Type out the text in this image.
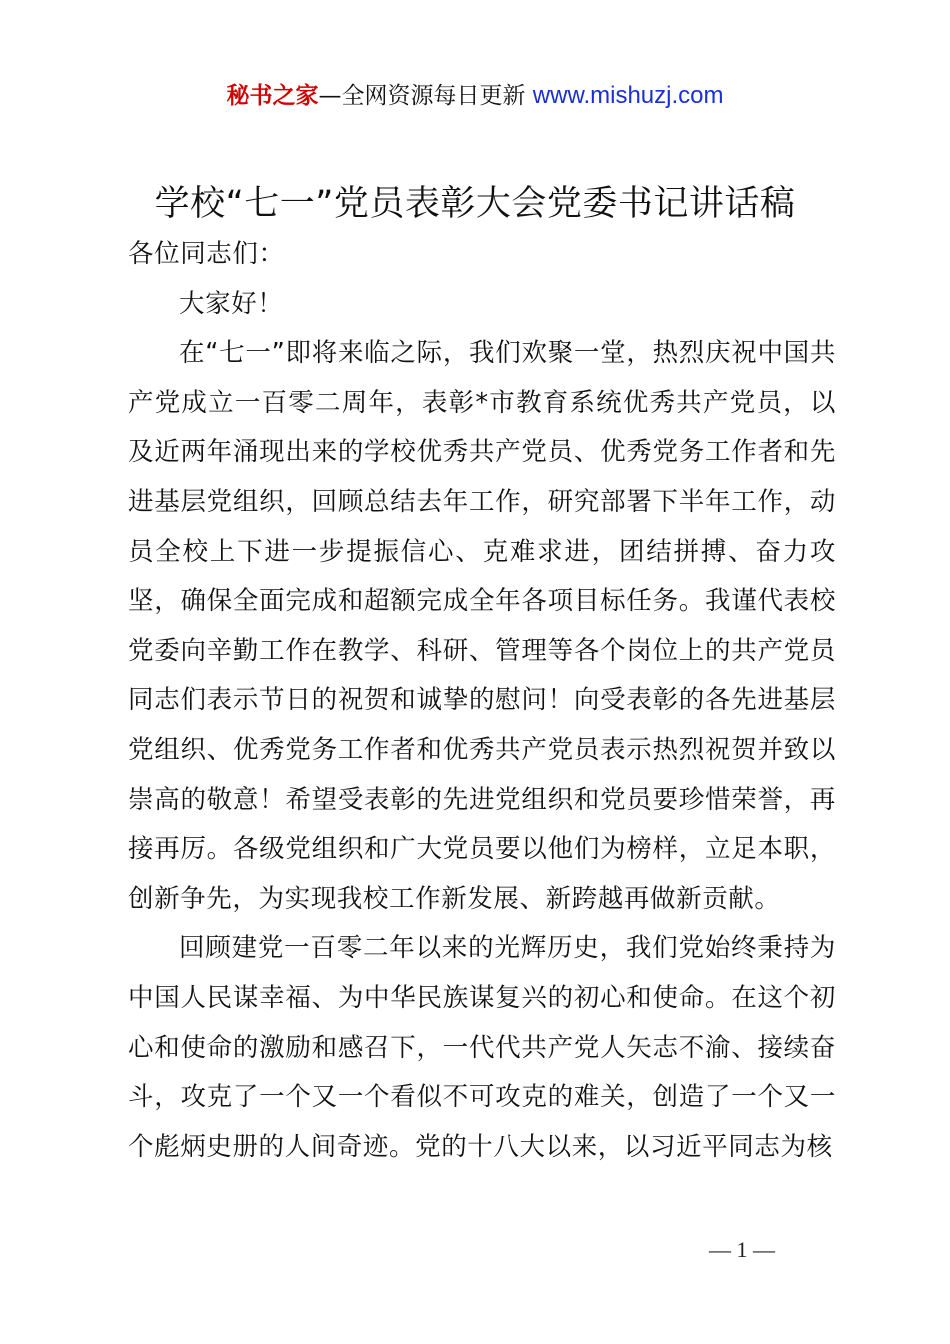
秘书之家—全网资源每日更新 www.mishuzj.com
学校“七一”党员表彰大会党委书记讲话稿

各位同志们：

大家好！

在“七一”即将来临之际，我们欢聚一堂，热烈庆祝中国共产党成立一百零二周年，表彰*市教育系统优秀共产党员，以及近两年涌现出来的学校优秀共产党员、优秀党务工作者和先进基层党组织，回顾总结去年工作，研究部署下半年工作，动员全校上下进一步提振信心、克难求进，团结拼搏、奋力攻坚，确保全面完成和超额完成全年各项目标任务。我谨代表校党委向辛勤工作在教学、科研、管理等各个岗位上的共产党员同志们表示节日的祝贺和诚挚的慰问！向受表彰的各先进基层党组织、优秀党务工作者和优秀共产党员表示热烈祝贺并致以崇高的敬意！希望受表彰的先进党组织和党员要珍惜荣誉，再接再厉。各级党组织和广大党员要以他们为榜样，立足本职，创新争先，为实现我校工作新发展、新跨越再做新贡献。

回顾建党一百零二年以来的光辉历史，我们党始终秉持为中国人民谋幸福、为中华民族谋复兴的初心和使命。在这个初心和使命的激励和感召下，一代代共产党人矢志不渝、接续奋斗，攻克了一个又一个看似不可攻克的难关，创造了一个又一个彪炳史册的人间奇迹。党的十八大以来，以习近平同志为核

— 1 —
